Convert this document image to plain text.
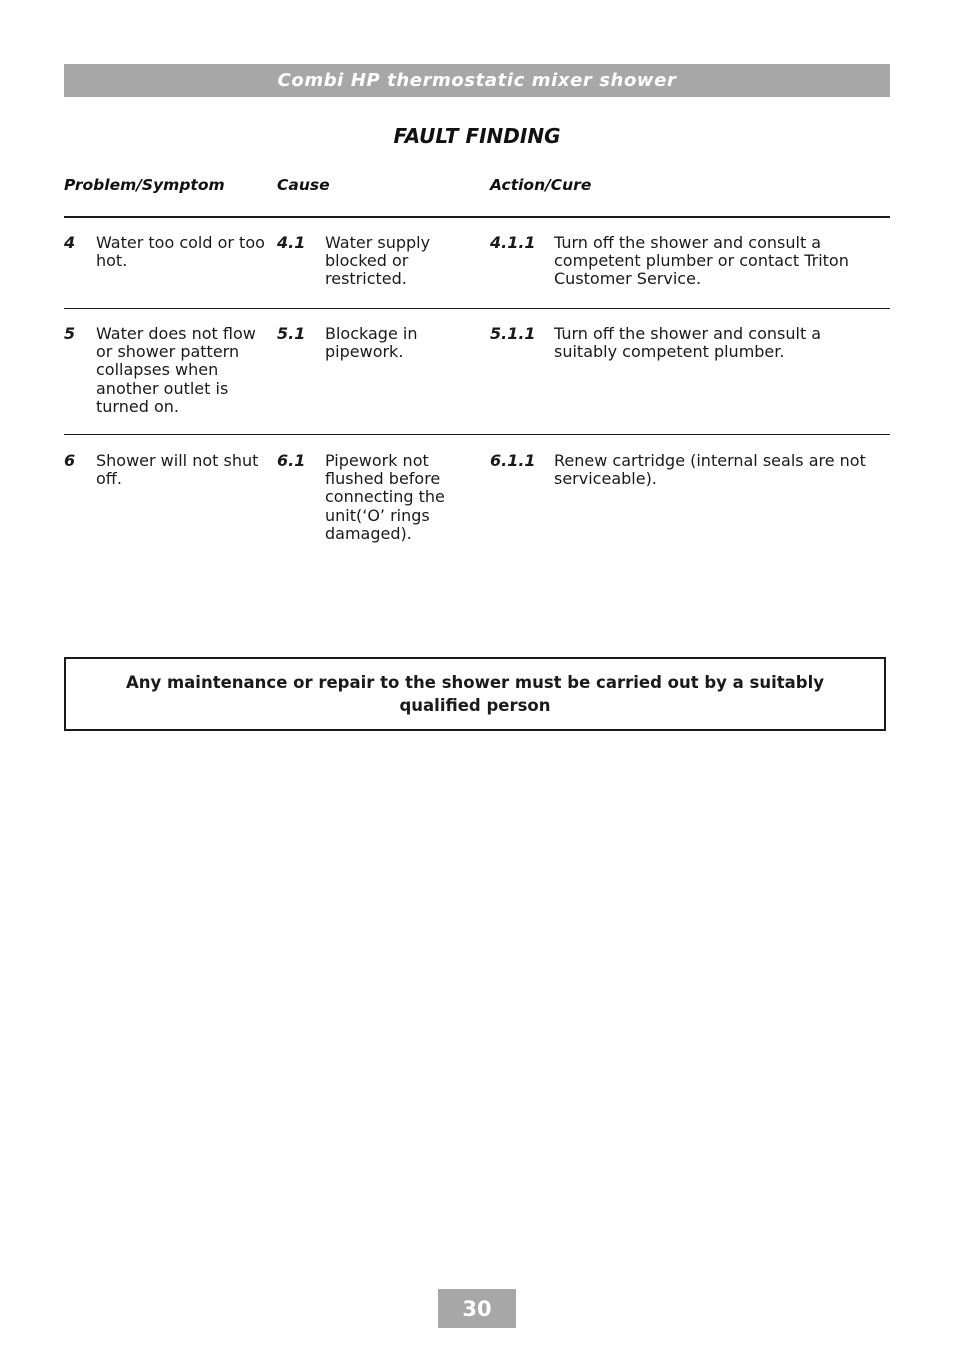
Combi HP thermostatic mixer shower
FAULT FINDING
Problem/Symptom	Cause	Action/Cure
4 Water too cold or too hot.
4.1 Water supply blocked or restricted.
4.1.1 Turn off the shower and consult a competent plumber or contact Triton Customer Service.
5 Water does not flow or shower pattern collapses when another outlet is turned on.
5.1 Blockage in pipework.
5.1.1 Turn off the shower and consult a suitably competent plumber.
6 Shower will not shut off.
6.1 Pipework not flushed before connecting the unit(‘O’ rings damaged).
6.1.1 Renew cartridge (internal seals are not serviceable).
Any maintenance or repair to the shower must be carried out by a suitably qualified person
30
